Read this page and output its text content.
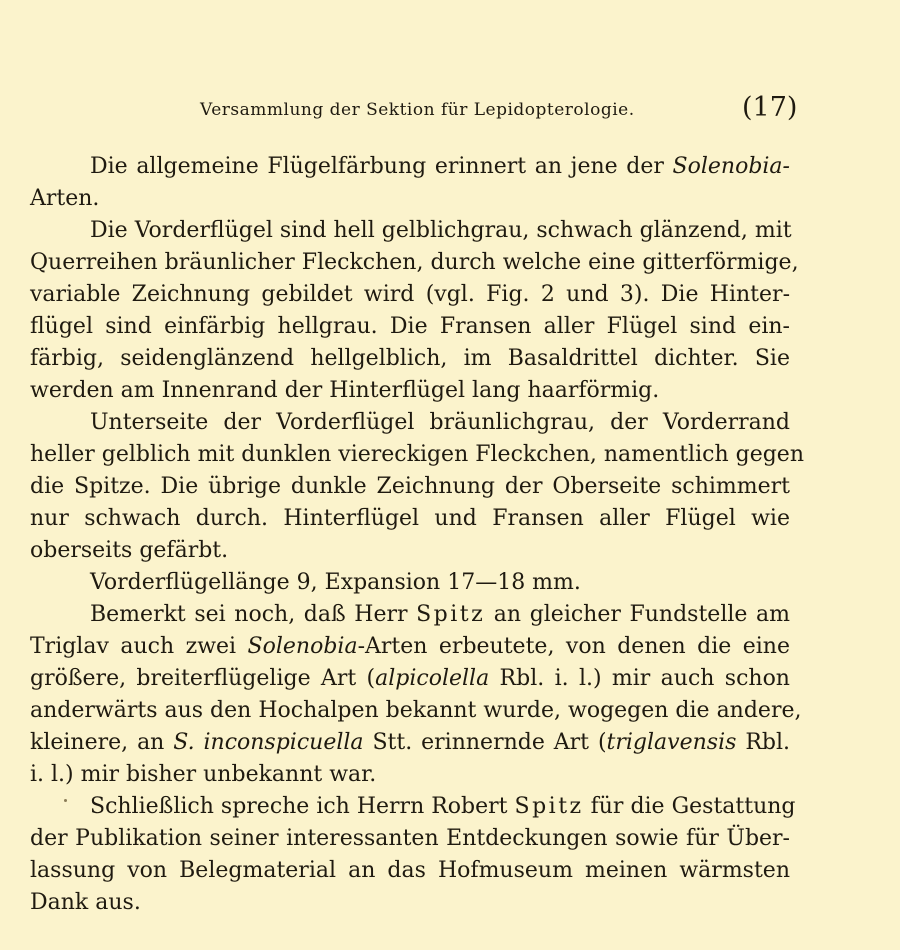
Versammlung der Sektion für Lepidopterologie.	(17)
Die allgemeine Flügelfärbung erinnert an jene der Solenobia-
Arten.
Die Vorderflügel sind hell gelblichgrau, schwach glänzend, mit
Querreihen bräunlicher Fleckchen, durch welche eine gitterförmige,
variable Zeichnung gebildet wird (vgl. Fig. 2 und 3). Die Hinter-
flügel sind einfärbig hellgrau. Die Fransen aller Flügel sind ein-
färbig, seidenglänzend hellgelblich, im Basaldrittel dichter. Sie
werden am Innenrand der Hinterflügel lang haarförmig.
Unterseite der Vorderflügel bräunlichgrau, der Vorderrand
heller gelblich mit dunklen viereckigen Fleckchen, namentlich gegen
die Spitze. Die übrige dunkle Zeichnung der Oberseite schimmert
nur schwach durch. Hinterflügel und Fransen aller Flügel wie
oberseits gefärbt.
Vorderflügellänge 9, Expansion 17—18 mm.
Bemerkt sei noch, daß Herr Spitz an gleicher Fundstelle am
Triglav auch zwei Solenobia-Arten erbeutete, von denen die eine
größere, breiterflügelige Art (alpicolella Rbl. i. l.) mir auch schon
anderwärts aus den Hochalpen bekannt wurde, wogegen die andere,
kleinere, an S. inconspicuella Stt. erinnernde Art (triglavensis Rbl.
i. l.) mir bisher unbekannt war.
Schließlich spreche ich Herrn Robert Spitz für die Gestattung
der Publikation seiner interessanten Entdeckungen sowie für Über-
lassung von Belegmaterial an das Hofmuseum meinen wärmsten
Dank aus.
